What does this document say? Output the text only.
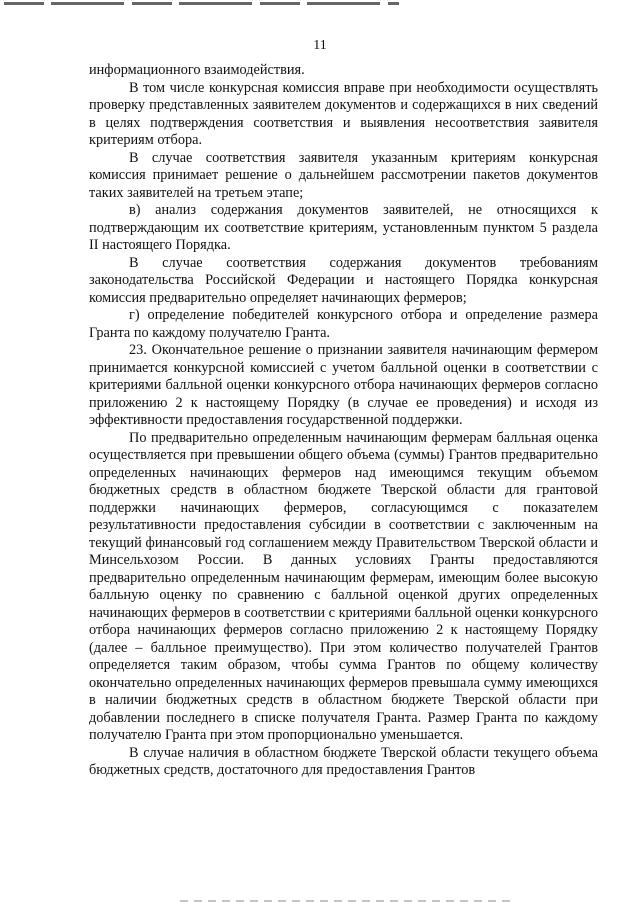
11

информационного взаимодействия.

В том числе конкурсная комиссия вправе при необходимости осуществлять проверку представленных заявителем документов и содержащихся в них сведений в целях подтверждения соответствия и выявления несоответствия заявителя критериям отбора.

В случае соответствия заявителя указанным критериям конкурсная комиссия принимает решение о дальнейшем рассмотрении пакетов документов таких заявителей на третьем этапе;

в) анализ содержания документов заявителей, не относящихся к подтверждающим их соответствие критериям, установленным пунктом 5 раздела II настоящего Порядка.

В случае соответствия содержания документов требованиям законодательства Российской Федерации и настоящего Порядка конкурсная комиссия предварительно определяет начинающих фермеров;

г) определение победителей конкурсного отбора и определение размера Гранта по каждому получателю Гранта.

23. Окончательное решение о признании заявителя начинающим фермером принимается конкурсной комиссией с учетом балльной оценки в соответствии с критериями балльной оценки конкурсного отбора начинающих фермеров согласно приложению 2 к настоящему Порядку (в случае ее проведения) и исходя из эффективности предоставления государственной поддержки.

По предварительно определенным начинающим фермерам балльная оценка осуществляется при превышении общего объема (суммы) Грантов предварительно определенных начинающих фермеров над имеющимся текущим объемом бюджетных средств в областном бюджете Тверской области для грантовой поддержки начинающих фермеров, согласующимся с показателем результативности предоставления субсидии в соответствии с заключенным на текущий финансовый год соглашением между Правительством Тверской области и Минсельхозом России. В данных условиях Гранты предоставляются предварительно определенным начинающим фермерам, имеющим более высокую балльную оценку по сравнению с балльной оценкой других определенных начинающих фермеров в соответствии с критериями балльной оценки конкурсного отбора начинающих фермеров согласно приложению 2 к настоящему Порядку (далее – балльное преимущество). При этом количество получателей Грантов определяется таким образом, чтобы сумма Грантов по общему количеству окончательно определенных начинающих фермеров превышала сумму имеющихся в наличии бюджетных средств в областном бюджете Тверской области при добавлении последнего в списке получателя Гранта. Размер Гранта по каждому получателю Гранта при этом пропорционально уменьшается.

В случае наличия в областном бюджете Тверской области текущего объема бюджетных средств, достаточного для предоставления Грантов
